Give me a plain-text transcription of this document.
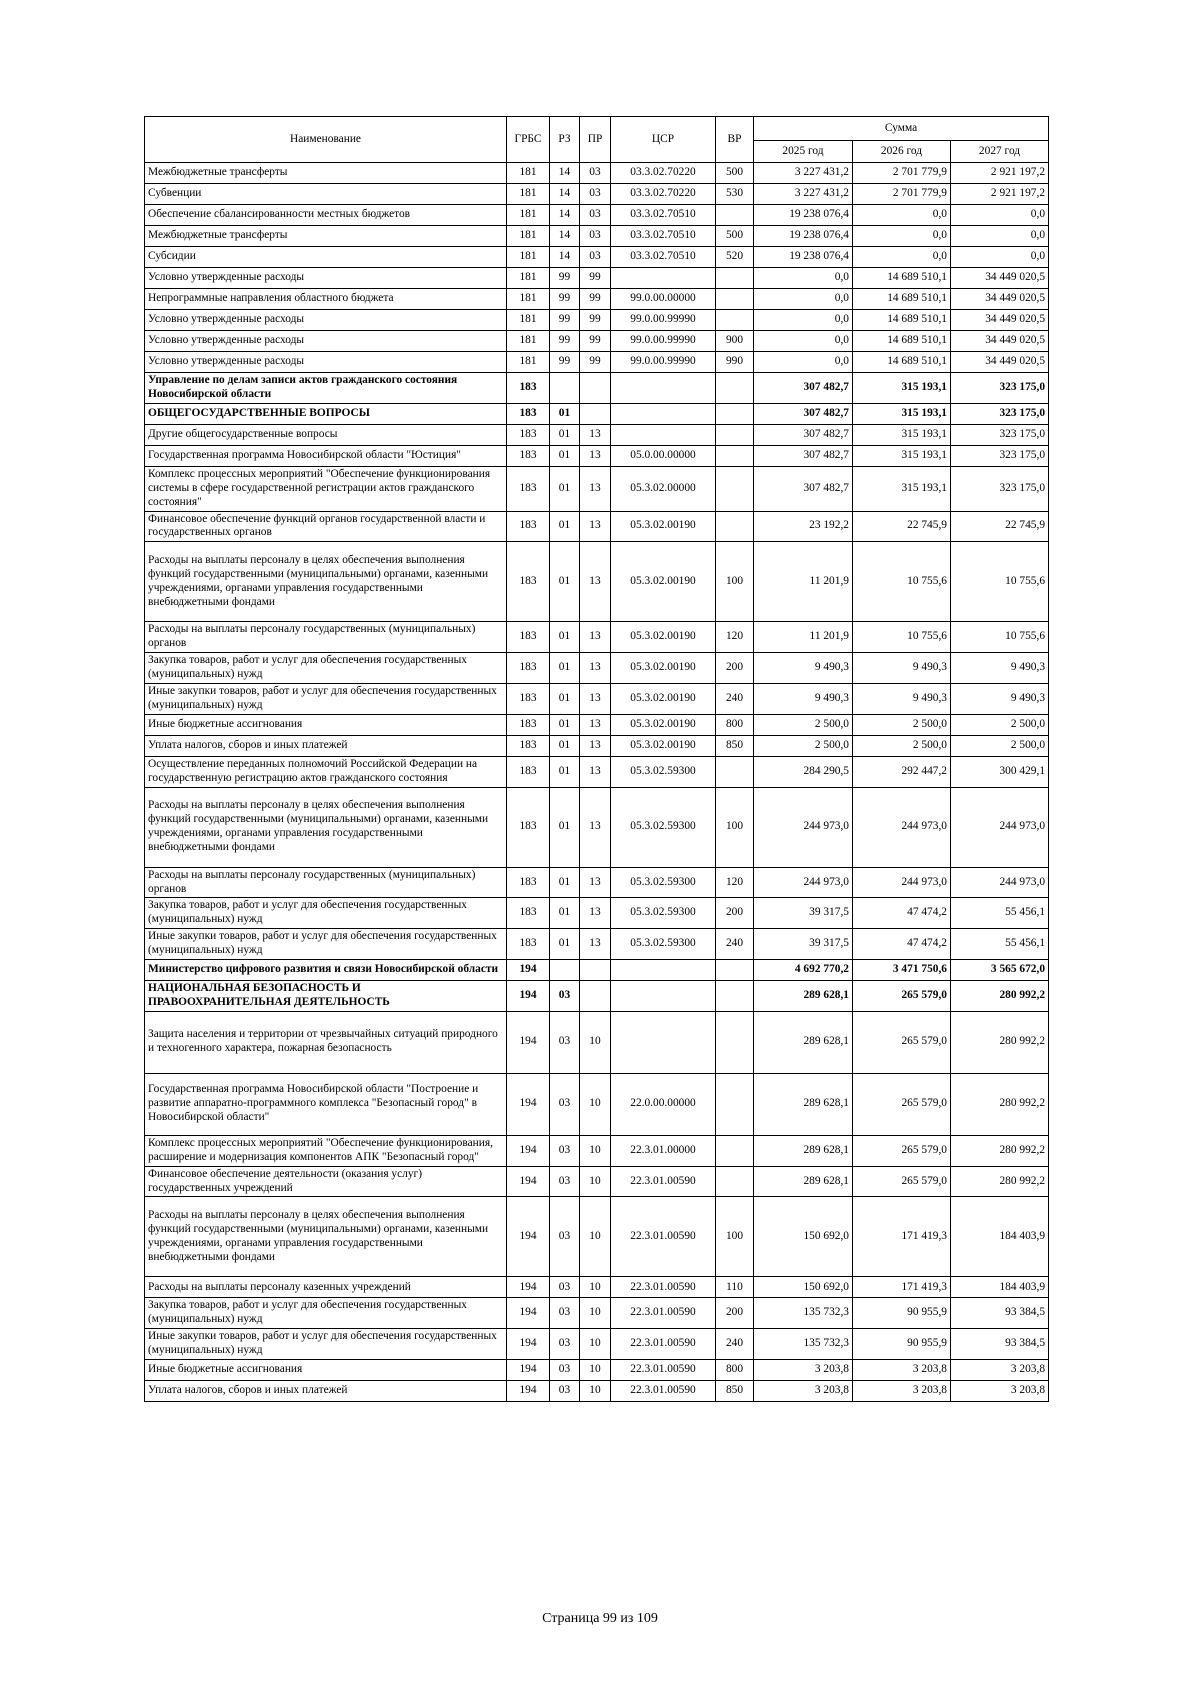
Наименование	ГРБС	РЗ	ПР	ЦСР	ВР	Сумма		
						2025 год	2026 год	2027 год
Межбюджетные трансферты	181	14	03	03.3.02.70220	500	3 227 431,2	2 701 779,9	2 921 197,2
Субвенции	181	14	03	03.3.02.70220	530	3 227 431,2	2 701 779,9	2 921 197,2
Обеспечение сбалансированности местных бюджетов	181	14	03	03.3.02.70510		19 238 076,4	0,0	0,0
Межбюджетные трансферты	181	14	03	03.3.02.70510	500	19 238 076,4	0,0	0,0
Субсидии	181	14	03	03.3.02.70510	520	19 238 076,4	0,0	0,0
Условно утвержденные расходы	181	99	99			0,0	14 689 510,1	34 449 020,5
Непрограммные направления областного бюджета	181	99	99	99.0.00.00000		0,0	14 689 510,1	34 449 020,5
Условно утвержденные расходы	181	99	99	99.0.00.99990		0,0	14 689 510,1	34 449 020,5
Условно утвержденные расходы	181	99	99	99.0.00.99990	900	0,0	14 689 510,1	34 449 020,5
Условно утвержденные расходы	181	99	99	99.0.00.99990	990	0,0	14 689 510,1	34 449 020,5
Управление по делам записи актов гражданского состояния Новосибирской области	183					307 482,7	315 193,1	323 175,0
ОБЩЕГОСУДАРСТВЕННЫЕ ВОПРОСЫ	183	01				307 482,7	315 193,1	323 175,0
Другие общегосударственные вопросы	183	01	13			307 482,7	315 193,1	323 175,0
Государственная программа Новосибирской области "Юстиция"	183	01	13	05.0.00.00000		307 482,7	315 193,1	323 175,0
Комплекс процессных мероприятий "Обеспечение функционирования системы в сфере государственной регистрации актов гражданского состояния"	183	01	13	05.3.02.00000		307 482,7	315 193,1	323 175,0
Финансовое обеспечение функций органов государственной власти и государственных органов	183	01	13	05.3.02.00190		23 192,2	22 745,9	22 745,9
Расходы на выплаты персоналу в целях обеспечения выполнения функций государственными (муниципальными) органами, казенными учреждениями, органами управления государственными внебюджетными фондами	183	01	13	05.3.02.00190	100	11 201,9	10 755,6	10 755,6
Расходы на выплаты персоналу государственных (муниципальных) органов	183	01	13	05.3.02.00190	120	11 201,9	10 755,6	10 755,6
Закупка товаров, работ и услуг для обеспечения государственных (муниципальных) нужд	183	01	13	05.3.02.00190	200	9 490,3	9 490,3	9 490,3
Иные закупки товаров, работ и услуг для обеспечения государственных (муниципальных) нужд	183	01	13	05.3.02.00190	240	9 490,3	9 490,3	9 490,3
Иные бюджетные ассигнования	183	01	13	05.3.02.00190	800	2 500,0	2 500,0	2 500,0
Уплата налогов, сборов и иных платежей	183	01	13	05.3.02.00190	850	2 500,0	2 500,0	2 500,0
Осуществление переданных полномочий Российской Федерации на государственную регистрацию актов гражданского состояния	183	01	13	05.3.02.59300		284 290,5	292 447,2	300 429,1
Расходы на выплаты персоналу в целях обеспечения выполнения функций государственными (муниципальными) органами, казенными учреждениями, органами управления государственными внебюджетными фондами	183	01	13	05.3.02.59300	100	244 973,0	244 973,0	244 973,0
Расходы на выплаты персоналу государственных (муниципальных) органов	183	01	13	05.3.02.59300	120	244 973,0	244 973,0	244 973,0
Закупка товаров, работ и услуг для обеспечения государственных (муниципальных) нужд	183	01	13	05.3.02.59300	200	39 317,5	47 474,2	55 456,1
Иные закупки товаров, работ и услуг для обеспечения государственных (муниципальных) нужд	183	01	13	05.3.02.59300	240	39 317,5	47 474,2	55 456,1
Министерство цифрового развития и связи Новосибирской области	194					4 692 770,2	3 471 750,6	3 565 672,0
НАЦИОНАЛЬНАЯ БЕЗОПАСНОСТЬ И ПРАВООХРАНИТЕЛЬНАЯ ДЕЯТЕЛЬНОСТЬ	194	03				289 628,1	265 579,0	280 992,2
Защита населения и территории от чрезвычайных ситуаций природного и техногенного характера, пожарная безопасность	194	03	10			289 628,1	265 579,0	280 992,2
Государственная программа Новосибирской области "Построение и развитие аппаратно-программного комплекса "Безопасный город" в Новосибирской области"	194	03	10	22.0.00.00000		289 628,1	265 579,0	280 992,2
Комплекс процессных мероприятий "Обеспечение функционирования, расширение и модернизация компонентов АПК "Безопасный город"	194	03	10	22.3.01.00000		289 628,1	265 579,0	280 992,2
Финансовое обеспечение деятельности (оказания услуг) государственных учреждений	194	03	10	22.3.01.00590		289 628,1	265 579,0	280 992,2
Расходы на выплаты персоналу в целях обеспечения выполнения функций государственными (муниципальными) органами, казенными учреждениями, органами управления государственными внебюджетными фондами	194	03	10	22.3.01.00590	100	150 692,0	171 419,3	184 403,9
Расходы на выплаты персоналу казенных учреждений	194	03	10	22.3.01.00590	110	150 692,0	171 419,3	184 403,9
Закупка товаров, работ и услуг для обеспечения государственных (муниципальных) нужд	194	03	10	22.3.01.00590	200	135 732,3	90 955,9	93 384,5
Иные закупки товаров, работ и услуг для обеспечения государственных (муниципальных) нужд	194	03	10	22.3.01.00590	240	135 732,3	90 955,9	93 384,5
Иные бюджетные ассигнования	194	03	10	22.3.01.00590	800	3 203,8	3 203,8	3 203,8
Уплата налогов, сборов и иных платежей	194	03	10	22.3.01.00590	850	3 203,8	3 203,8	3 203,8
Страница 99 из 109
